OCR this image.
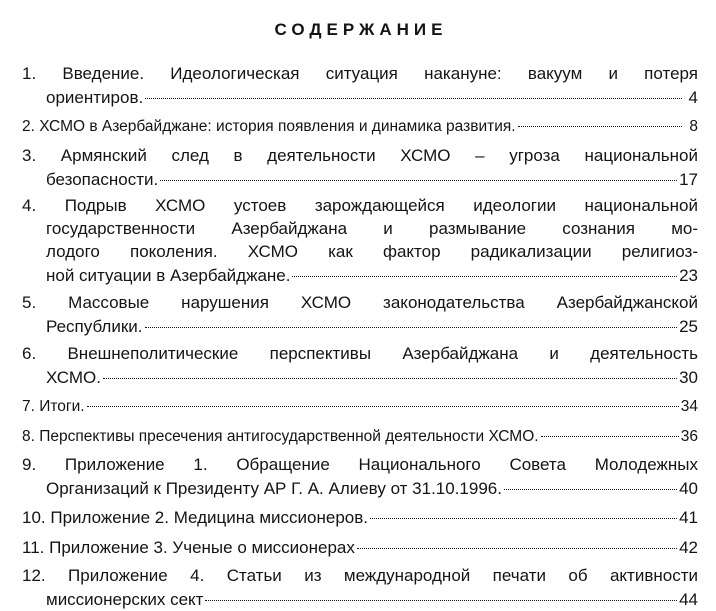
СОДЕРЖАНИЕ
1. Введение. Идеологическая ситуация накануне: вакуум и потеря
ориентиров.	4
2. ХСМО в Азербайджане: история появления и динамика развития.	8
3. Армянский след в деятельности ХСМО – угроза национальной
безопасности.	17
4. Подрыв ХСМО устоев зарождающейся идеологии национальной
государственности Азербайджана и размывание сознания мо-
лодого поколения. ХСМО как фактор радикализации религиоз-
ной ситуации в Азербайджане.	23
5. Массовые нарушения ХСМО законодательства Азербайджанской
Республики.	25
6. Внешнеполитические перспективы Азербайджана и деятельность
ХСМО.	30
7. Итоги.	34
8. Перспективы пресечения антигосударственной деятельности ХСМО.	36
9. Приложение 1. Обращение Национального Совета Молодежных
Организаций к Президенту АР Г. А. Алиеву от 31.10.1996.	40
10. Приложение 2. Медицина миссионеров.	41
11. Приложение 3. Ученые о миссионерах	42
12. Приложение 4. Статьи из международной печати об активности
миссионерских сект	44
